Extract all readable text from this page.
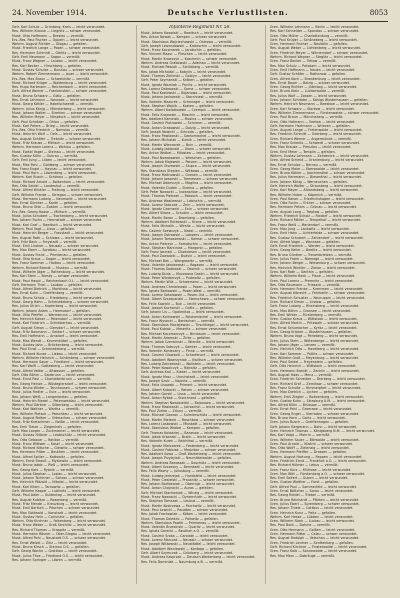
24. November 1914.	Deutsche Verlustlisten.	8053
Gefr. Karl Schulz — Grünberg, Kreis — leicht verwundet.
Res. Wilhelm Krause — Liegnitz — schwer verwundet.
Musk. Otto Hoffmann — Breslau — vermißt.
Ers.-Res. Paul Fischer — Oppeln — leicht verwundet.
Wehrm. August Richter — Glogau — gefallen.
Musk. Friedrich Lange — Posen — schwer verwundet.
Res. Hermann Schmidt — Görlitz — leicht verwundet.
Gefr. Emil Neumann — Sagan — vermißt.
Musk. Franz Wagner — Lauban — leicht verwundet.
Res. Karl Becker — Hirschberg — gefallen.
Musk. Gustav Schulze — Bunzlau — schwer verwundet.
Wehrm. Robert Zimmermann — Jauer — leicht verwundet.
Ers.-Res. Max Braun — Schweidnitz — vermißt.
Musk. Richard Krüger — Waldenburg — leicht verwundet.
Res. Hugo Hartmann — Reichenbach — leicht verwundet.
Gefr. Alfred Werner — Frankenstein — schwer verwundet.
Musk. Bruno Schwarz — Glatz — gefallen.
Res. Ernst Lehmann — Neurode — leicht verwundet.
Musk. Georg Köhler — Habelschwerdt — vermißt.
Wehrm. Julius König — Münsterberg — leicht verwundet.
Musk. Johann Walter — Strehlen — schwer verwundet.
Res. Wilhelm Meyer — Nimptsch — leicht verwundet.
Gefr. Paul Schröder — Ohlau — gefallen.
Musk. Karl Peters — Brieg — leicht verwundet.
Ers.-Res. Otto Friedrich — Namslau — vermißt.
Musk. Heinrich Wolf — Oels — leicht verwundet.
Res. August Schäfer — Trebnitz — schwer verwundet.
Musk. Fritz Krause — Militsch — leicht verwundet.
Wehrm. Hermann Lorenz — Wohlau — gefallen.
Musk. Ewald Vogel — Steinau — leicht verwundet.
Res. Gustav Kühn — Guhrau — vermißt.
Gefr. Emil Jung — Lüben — leicht verwundet.
Musk. Max Pohl — Goldberg — schwer verwundet.
Res. Franz Engel — Haynau — leicht verwundet.
Musk. Paul Horn — Löwenberg — leicht verwundet.
Wehrm. Karl Busch — Schönau — gefallen.
Musk. Richard Arnold — Bolkenhain — leicht verwundet.
Res. Otto Seidel — Landeshut — vermißt.
Musk. Alfred Winkler — Freiburg — leicht verwundet.
Gefr. Wilhelm Franke — Striegau — schwer verwundet.
Musk. Hermann Ludwig — Neumarkt — leicht verwundet.
Res. Ernst Günther — Kanth — gefallen.
Musk. Bruno Otto — Zobten — leicht verwundet.
Ers.-Res. Georg Haase — Militsch — vermißt.
Musk. Julius Schubert — Trachenberg — leicht verwundet.
Res. Johann Fuchs — Herrnstadt — schwer verwundet.
Musk. Karl Graf — Rawitsch — leicht verwundet.
Wehrm. Paul Vogt — Lissa — gefallen.
Musk. Heinrich Berger — Fraustadt — leicht verwundet.
Res. August Roth — Schlawa — leicht verwundet.
Gefr. Fritz Beck — Freystadt — vermißt.
Musk. Emil Lindner — Neusalz — schwer verwundet.
Res. Max Ebert — Sprottau — leicht verwundet.
Musk. Gustav Frank — Primkenau — gefallen.
Musk. Otto Kraus — Sagan — leicht verwundet.
Res. Franz Sommer — Halbau — leicht verwundet.
Wehrm. Richard Brandt — Muskau — vermißt.
Musk. Wilhelm Jäger — Rothenburg — leicht verwundet.
Res. Karl Stein — Niesky — schwer verwundet.
Musk. Paul Haupt — Reichenbach O.L. — leicht verwundet.
Gefr. Hermann Thiel — Lauban — gefallen.
Musk. Alfred Dietrich — Marklissa — leicht verwundet.
Res. Ernst Kuhn — Greiffenberg — vermißt.
Musk. Bruno Scholz — Friedeberg — leicht verwundet.
Musk. Georg Hahn — Schmiedeberg — schwer verwundet.
Res. Julius Ulrich — Kupferberg — leicht verwundet.
Wehrm. Johann Adam — Hermsdorf — gefallen.
Musk. Otto Pfeiffer — Warmbrunn — leicht verwundet.
Res. Heinrich Kaiser — Petersdorf — leicht verwundet.
Musk. Karl Friedrich — Schreiberhau — vermißt.
Gefr. August Simon — Giersdorf — leicht verwundet.
Musk. Fritz Baumann — Seidorf — schwer verwundet.
Res. Emil Hoffmann — Arnsdorf — leicht verwundet.
Musk. Max Wendt — Krummhübel — gefallen.
Musk. Gustav Jahn — Brückenberg — leicht verwundet.
Res. Paul Ernst — Schmiedeberg — vermißt.
Musk. Richard Kunze — Liebau — leicht verwundet.
Wehrm. Wilhelm Heinrich — Schömberg — schwer verwundet.
Musk. Hermann Sauer — Friedland — leicht verwundet.
Res. Karl Wolff — Gottesberg — leicht verwundet.
Musk. Alfred Vetter — Altwasser — gefallen.
Gefr. Otto Böhm — Salzbrunn — leicht verwundet.
Musk. Ernst Paul — Charlottenbrunn — vermißt.
Res. Georg Heinze — Wüstegiersdorf — leicht verwundet.
Musk. Bruno Winter — Tannhausen — schwer verwundet.
Musk. Julius Fiedler — Eule — leicht verwundet.
Res. Johann Weiß — Langenbielau — gefallen.
Musk. Heinrich Riedel — Peterswaldau — leicht verwundet.
Wehrm. Paul Gärtner — Silberberg — leicht verwundet.
Musk. Karl Walther — Wartha — vermißt.
Res. Wilhelm Pietsch — Patschkau — leicht verwundet.
Musk. August Rother — Ottmachau — schwer verwundet.
Musk. Fritz Kretschmer — Neiße — leicht verwundet.
Res. Emil Tietze — Ziegenhals — gefallen.
Gefr. Max Langer — Zuckmantel — leicht verwundet.
Musk. Gustav Hübner — Leobschütz — leicht verwundet.
Res. Otto Gebauer — Ratibor — vermißt.
Musk. Franz Wittwer — Kosel — leicht verwundet.
Musk. Richard Nitsche — Gleiwitz — schwer verwundet.
Res. Hermann Ritter — Beuthen — leicht verwundet.
Musk. Alfred Spiller — Kattowitz — gefallen.
Wehrm. Ernst Strauß — Myslowitz — leicht verwundet.
Musk. Bruno Jakob — Pleß — leicht verwundet.
Res. Georg Kahl — Rybnik — vermißt.
Musk. Julius Stephan — Loslau — leicht verwundet.
Musk. Johann Tschirner — Sohrau — schwer verwundet.
Res. Heinrich Pätzold — Nikolai — leicht verwundet.
Musk. Karl Kliem — Tarnowitz — gefallen.
Gefr. Wilhelm Kasper — Lublinitz — leicht verwundet.
Musk. Paul Adler — Guttentag — leicht verwundet.
Res. August Kubitza — Rosenberg — vermißt.
Musk. Fritz Mende — Kreuzburg — leicht verwundet.
Musk. Emil Bartsch — Pitschen — schwer verwundet.
Res. Max Gottwald — Konstadt — leicht verwundet.
Musk. Gustav Hein — Carlsruhe — gefallen.
Wehrm. Otto Kirchner — Falkenberg — leicht verwundet.
Musk. Franz Weber — Groß Strehlitz — leicht verwundet.
Res. Richard Thomas — Krappitz — vermißt.
Musk. Hermann Rösner — Ober-Glogau — leicht verwundet.
Musk. Alfred Pohl — Neustadt O.S. — schwer verwundet.
Res. Ernst Welzel — Zülz — leicht verwundet.
Musk. Bruno Kirsch — Steinau O.S. — gefallen.
Gefr. Georg Wache — Grottkau — leicht verwundet.
Musk. Julius Titze — Friedland O.S. — leicht verwundet.
Res. Johann Springer — Löwen — vermißt.
Infanterie-Regiment Nr. 58.
Musk. Johann Kowalski — Rawitsch — leicht verwundet.
Res. Anton Nowak — Kempen — schwer verwundet.
Musk. Stanislaus Wojciechowski — Ostrowo — vermißt.
Gefr. Joseph Lewandowski — Krotoschin — leicht verwundet.
Musk. Franz Kaczmarek — Jarotschin — gefallen.
Res. Vincent Mazur — Pleschen — leicht verwundet.
Musk. Martin Krawczyk — Koschmin — schwer verwundet.
Wehrm. Andreas Grabowski — Adelnau — leicht verwundet.
Musk. Michael Pawlak — Schildberg — vermißt.
Res. Jakob Michalski — Kobylin — leicht verwundet.
Musk. Thomas Zielinski — Gostyn — leicht verwundet.
Gefr. Peter Szymanski — Kröben — gefallen.
Musk. Ignatz Wozniak — Punitz — leicht verwundet.
Res. Lorenz Dabrowski — Sarne — schwer verwundet.
Musk. Paul Kozlowski — Bojanowo — leicht verwundet.
Musk. Johann Jankowski — Storchnest — vermißt.
Res. Valentin Mazurek — Schmiegel — leicht verwundet.
Musk. Stephan Wojcik — Kosten — gefallen.
Wehrm. Albert Kwiatkowski — Czempin — leicht verwundet.
Musk. Felix Krajewski — Moschin — leicht verwundet.
Res. Adalbert Kaminski — Mosina — schwer verwundet.
Musk. Casimir Piotrowski — Schrimm — vermißt.
Musk. Anton Grabowski — Dolzig — leicht verwundet.
Gefr. Joseph Nowicki — Schroda — gefallen.
Musk. Franz Pawlowski — Santomischel — leicht verwundet.
Res. Johann Michalak — Kurnik — leicht verwundet.
Musk. Martin Wieczorek — Bnin — vermißt.
Musk. Ludwig Jablonski — Xions — schwer verwundet.
Res. Anton Wróbel — Miloslaw — leicht verwundet.
Musk. Paul Nowakowski — Wreschen — gefallen.
Wehrm. Jakob Majewski — Peisern — leicht verwundet.
Musk. Joseph Olszewski — Slupca — leicht verwundet.
Res. Stanislaus Stepien — Witkowo — vermißt.
Musk. Franz Malinowski — Gnesen — leicht verwundet.
Musk. Johann Jaworski — Tremessen — schwer verwundet.
Res. Michael Adamczyk — Mogilno — leicht verwundet.
Musk. Valentin Dudek — Strelno — gefallen.
Gefr. Peter Nowacki — Inowrazlaw — leicht verwundet.
Musk. Thomas Pietrzak — Pakosch — leicht verwundet.
Res. Andreas Wasilewski — Labischin — vermißt.
Musk. Lorenz Sobczak — Znin — leicht verwundet.
Musk. Ignatz Czarnecki — Exin — schwer verwundet.
Res. Albert Sikora — Schubin — leicht verwundet.
Musk. Martin Baran — Bromberg — gefallen.
Wehrm. Adalbert Rutkowski — Krone — leicht verwundet.
Musk. Felix Michalik — Wirsitz — leicht verwundet.
Res. Casimir Szewczyk — Nakel — vermißt.
Musk. Joseph Ostrowski — Lobsens — leicht verwundet.
Musk. Johann Tomaszewski — Kolmar — schwer verwundet.
Res. Anton Pietrzyk — Samotschin — leicht verwundet.
Musk. Stephan Marciniak — Margonin — gefallen.
Gefr. Franz Jasinski — Chodziesen — leicht verwundet.
Musk. Paul Zawadzki — Budsin — leicht verwundet.
Res. Michael Bak — Wongrowitz — vermißt.
Musk. Valentin Jakubowski — Rogasen — leicht verwundet.
Musk. Thomas Sadowski — Obornik — schwer verwundet.
Res. Ludwig Duda — Murowana Goslin — leicht verwundet.
Musk. Peter Wlodarczyk — Pudewitz — gefallen.
Wehrm. Martin Wilk — Schwersenz — leicht verwundet.
Musk. Andreas Chmielewski — Posen — leicht verwundet.
Res. Ignatz Borkowski — Posen-West — vermißt.
Musk. Lorenz Sokolowski — Posen-Ost — leicht verwundet.
Musk. Albert Szczepanski — Stenschewo — schwer verwundet.
Res. Felix Sawicki — Buk — leicht verwundet.
Musk. Joseph Kucharski — Grätz — gefallen.
Gefr. Johann Lis — Opalenitza — leicht verwundet.
Musk. Anton Kalinowski — Neutomischel — leicht verwundet.
Res. Franz Wysocki — Bentschen — vermißt.
Musk. Stanislaus Maciejewski — Tirschtiegel — leicht verwundet.
Musk. Paul Kubiak — Meseritz — schwer verwundet.
Res. Michael Kaczmarczyk — Birnbaum — leicht verwundet.
Musk. Martin Adamski — Zirke — gefallen.
Wehrm. Jakob Czerwinski — Wronke — leicht verwundet.
Musk. Thomas Sobczyk — Samter — leicht verwundet.
Res. Valentin Konieczny — Pinne — vermißt.
Musk. Casimir Glowacki — Scharfenort — leicht verwundet.
Musk. Adalbert Wawrzyniak — Kwiltsch — schwer verwundet.
Res. Ludwig Zakrzewski — Wollstein — leicht verwundet.
Musk. Peter Kowalczyk — Rakwitz — gefallen.
Gefr. Andreas Krol — Kiebel — leicht verwundet.
Musk. Ignatz Mroz — Unruhstadt — leicht verwundet.
Res. Joseph Szulc — Kopnitz — vermißt.
Musk. Felix Lisowski — Priment — leicht verwundet.
Musk. Albert Kubacki — Reisen — schwer verwundet.
Res. Johann Gorski — Lissa — leicht verwundet.
Musk. Anton Rybak — Storchnest — gefallen.
Wehrm. Stephan Nowosielski — Bojanowo — leicht verwundet.
Musk. Franz Maslowski — Jutroschin — leicht verwundet.
Res. Paul Zielke — Zduny — vermißt.
Musk. Michael Gawron — Sulmierschütz — leicht verwundet.
Musk. Martin Bielecki — Raschkow — schwer verwundet.
Res. Lorenz Laskowski — Mixstadt — leicht verwundet.
Musk. Stanislaus Wrobel — Kempen — gefallen.
Gefr. Thomas Kolodziej — Baranow — leicht verwundet.
Musk. Jakob Urbanski — Bralin — leicht verwundet.
Res. Valentin Kurek — Reichthal — vermißt.
Musk. Ignatz Mielczarek — Festenberg — leicht verwundet.
Musk. Casimir Fabisiak — Medzibor — schwer verwundet.
Res. Adalbert Sowa — Groß Wartenberg — leicht verwundet.
Musk. Joseph Przybylski — Neumittelwalde — gefallen.
Wehrm. Andreas Banaszak — Goschütz — leicht verwundet.
Musk. Albert Szczesny — Bernstadt — leicht verwundet.
Res. Felix Wozny — Juliusburg — vermißt.
Musk. Ludwig Jedrzejak — Hundsfeld — leicht verwundet.
Musk. Peter Ciesielski — Prausnitz — schwer verwundet.
Res. Johann Bartkowiak — Obernigk — leicht verwundet.
Musk. Anton Chojnacki — Auras — gefallen.
Gefr. Michael Stachowiak — Winzig — leicht verwundet.
Musk. Franz Nawrocki — Dyhernfurth — leicht verwundet.
Res. Stephan Tomczak — Leubus — vermißt.
Musk. Martin Kostrzewa — Parchwitz — leicht verwundet.
Musk. Paul Lewicki — Raudten — schwer verwundet.
Res. Jakob Frackowiak — Köben — leicht verwundet.
Musk. Thomas Dziedzic — Polkwitz — gefallen.
Wehrm. Stanislaus Pawlik — Primkenau — leicht verwundet.
Musk. Valentin Brzezinski — Quaritz — leicht verwundet.
Res. Ignatz Gorecki — Beuthen a.O. — vermißt.
Musk. Casimir Sroka — Carolath — leicht verwundet.
Musk. Lorenz Marczak — Neusalz — schwer verwundet.
Res. Joseph Witkowski — Neustädtel — leicht verwundet.
Musk. Adalbert Wisniewski — Kontopp — gefallen.
Gefr. Albert Szymczak — Grünberg — leicht verwundet.
Musk. Andreas Kasprzak — Deutsch-Wartenberg — leicht verwundet.
Res. Felix Dominiak — Naumburg a.B. — vermißt.
Gren. Wilhelm Lehmann — Berlin — leicht verwundet.
Res. Karl Schneider — Spandau — schwer verwundet.
Gren. Otto Müller — Charlottenburg — vermißt.
Gefr. Paul Krüger — Schöneberg — leicht verwundet.
Gren. Hermann Fischer — Neukölln — gefallen.
Res. August Weber — Lichtenberg — leicht verwundet.
Gren. Friedrich Meyer — Wilmersdorf — schwer verwundet.
Wehrm. Richard Wagner — Steglitz — leicht verwundet.
Gren. Franz Becker — Teltow — vermißt.
Res. Max Schulz — Potsdam — leicht verwundet.
Gren. Emil Hoffmann — Nauen — leicht verwundet.
Gefr. Gustav Schäfer — Rathenow — gefallen.
Gren. Alfred Koch — Brandenburg — leicht verwundet.
Res. Ernst Bauer — Belzig — schwer verwundet.
Gren. Georg Richter — Jüterbog — leicht verwundet.
Gren. Bruno Klein — Luckenwalde — vermißt.
Res. Julius Wolf — Zossen — leicht verwundet.
Gren. Johann Schröder — Königs Wusterhausen — gefallen.
Wehrm. Heinrich Neumann — Beeskow — leicht verwundet.
Gren. Karl Schwarz — Storkow — leicht verwundet.
Res. Wilhelm Zimmermann — Fürstenwalde — schwer verwundet.
Gren. Paul Braun — Müncheberg — vermißt.
Gren. Otto Hofmann — Seelow — leicht verwundet.
Gefr. Hermann Hartmann — Wriezen — gefallen.
Gren. August Lange — Freienwalde — leicht verwundet.
Res. Friedrich Schmitt — Oderberg — leicht verwundet.
Gren. Richard Werner — Angermünde — vermißt.
Gren. Franz Schmitz — Schwedt — schwer verwundet.
Res. Max Krause — Prenzlau — leicht verwundet.
Gren. Emil Meier — Templin — gefallen.
Wehrm. Gustav Lehmann — Zehdenick — leicht verwundet.
Gren. Alfred Schmid — Oranienburg — leicht verwundet.
Res. Ernst Schulze — Bernau — vermißt.
Gren. Georg Maier — Eberswalde — leicht verwundet.
Gren. Bruno Köhler — Joachimsthal — schwer verwundet.
Res. Julius Herrmann — Biesenthal — leicht verwundet.
Gren. Johann König — Werneuchen — gefallen.
Gefr. Heinrich Walter — Strausberg — leicht verwundet.
Gren. Karl Mayer — Altlandsberg — leicht verwundet.
Res. Wilhelm Huber — Köpenick — vermißt.
Gren. Paul Kaiser — Friedrichshagen — leicht verwundet.
Gren. Otto Fuchs — Erkner — schwer verwundet.
Res. Hermann Peters — Grünau — leicht verwundet.
Gren. August Lang — Treptow — gefallen.
Wehrm. Friedrich Scholz — Rixdorf — leicht verwundet.
Gren. Richard Möller — Tempelhof — leicht verwundet.
Res. Franz Weiß — Mariendorf — vermißt.
Gren. Max Jung — Lankwitz — leicht verwundet.
Gren. Emil Hahn — Lichterfelde — schwer verwundet.
Res. Gustav Schubert — Zehlendorf — leicht verwundet.
Gren. Alfred Vogel — Wannsee — gefallen.
Gefr. Ernst Friedrich — Werder — leicht verwundet.
Gren. Georg Keller — Beelitz — leicht verwundet.
Res. Bruno Günther — Treuenbrietzen — vermißt.
Gren. Julius Frank — Niemegk — leicht verwundet.
Gren. Johann Berger — Wiesenburg — schwer verwundet.
Res. Heinrich Winkler — Ziesar — leicht verwundet.
Gren. Karl Roth — Genthin — gefallen.
Wehrm. Wilhelm Beck — Plaue — leicht verwundet.
Gren. Paul Lorenz — Premnitz — leicht verwundet.
Res. Otto Baumann — Friesack — vermißt.
Gren. Hermann Franke — Kremmen — leicht verwundet.
Gren. August Albrecht — Fehrbellin — schwer verwundet.
Res. Friedrich Schuster — Neuruppin — leicht verwundet.
Gren. Richard Simon — Lindow — gefallen.
Gefr. Franz Ludwig — Rheinsberg — leicht verwundet.
Gren. Max Böhm — Gransee — leicht verwundet.
Res. Emil Winter — Fürstenberg — vermißt.
Gren. Gustav Kraus — Wittstock — leicht verwundet.
Gren. Alfred Martin — Pritzwalk — schwer verwundet.
Res. Ernst Schumacher — Kyritz — leicht verwundet.
Gren. Georg Krämer — Wusterhausen — gefallen.
Wehrm. Bruno Vogt — Perleberg — leicht verwundet.
Gren. Julius Stein — Wittenberge — leicht verwundet.
Res. Johann Jäger — Lenzen — vermißt.
Gren. Heinrich Otto — Havelberg — leicht verwundet.
Gren. Karl Sommer — Putlitz — schwer verwundet.
Res. Wilhelm Groß — Meyenburg — leicht verwundet.
Gren. Paul Seidel — Freyenstein — gefallen.
Gefr. Otto Heinrich — Wittstock — leicht verwundet.
Gren. Hermann Brandt — Zechlin — leicht verwundet.
Res. August Haas — Menz — vermißt.
Gren. Friedrich Schreiber — Dierberg — leicht verwundet.
Gren. Richard Graf — Zernikow — schwer verwundet.
Res. Franz Schulte — Himmelpfort — leicht verwundet.
Gren. Max Dietrich — Lychen — gefallen.
Wehrm. Emil Ziegler — Boitzenburg — leicht verwundet.
Gren. Gustav Kuhn — Strasburg U.M. — leicht verwundet.
Res. Alfred Kühn — Brüssow — vermißt.
Gren. Ernst Pohl — Gramzow — leicht verwundet.
Gren. Georg Engel — Vierraden — schwer verwundet.
Res. Bruno Horn — Gartz — leicht verwundet.
Gren. Julius Busch — Greiffenhagen — gefallen.
Gefr. Johann Bergmann — Bahn — leicht verwundet.
Gren. Heinrich Thomas — Königsberg N.M. — leicht verwundet.
Res. Karl Voigt — Mohrin — vermißt.
Gren. Wilhelm Sauer — Bärwalde — leicht verwundet.
Gren. Paul Arnold — Küstrin — schwer verwundet.
Res. Otto Wolff — Zielenzig — leicht verwundet.
Gren. Hermann Pfeiffer — Drossen — gefallen.
Wehrm. August Hartung — Reppen — leicht verwundet.
Gren. Friedrich Ernst — Frankfurt a.O. — leicht verwundet.
Res. Richard Hübner — Lebus — vermißt.
Gren. Franz Kurz — Müllrose — leicht verwundet.
Gren. Max Witt — Fürstenberg a.O. — schwer verwundet.
Res. Emil Seifert — Guben — leicht verwundet.
Gren. Gustav Walther — Forst — gefallen.
Gefr. Alfred Paul — Sommerfeld — leicht verwundet.
Gren. Ernst Böttcher — Sorau — leicht verwundet.
Res. Georg Riedel — Triebel — vermißt.
Gren. Bruno Reinhardt — Pförten — leicht verwundet.
Gren. Julius Ebert — Spremberg — schwer verwundet.
Res. Johann Thiele — Cottbus — leicht verwundet.
Gren. Heinrich Kunz — Peitz — gefallen.
Wehrm. Karl Hesse — Lübben — leicht verwundet.
Gren. Wilhelm Stark — Luckau — leicht verwundet.
Res. Paul Bock — Dahme — vermißt.
Gren. Otto Hermann — Golßen — leicht verwundet.
Gren. Hermann Ritter — Calau — schwer verwundet.
Res. August Rudolph — Vetschau — leicht verwundet.
Gren. Friedrich Lindner — Senftenberg — gefallen.
Gefr. Richard Kirchner — Finsterwalde — leicht verwundet.
Gren. Franz Kolb — Sonnewalde — leicht verwundet.
Res. Max Marx — Dobrilugk — vermißt.
